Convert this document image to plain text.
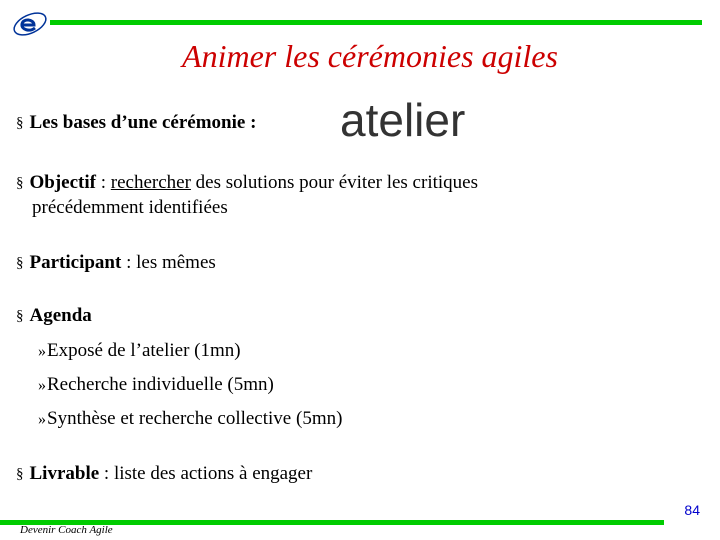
Animer les cérémonies agiles
§ Les bases d’une cérémonie : atelier
§ Objectif : rechercher des solutions pour éviter les critiques
précédemment identifiées
§ Participant : les mêmes
§ Agenda
»Exposé de l’atelier (1mn)
»Recherche individuelle (5mn)
»Synthèse et recherche collective (5mn)
§ Livrable : liste des actions à engager
84
Devenir Coach Agile
